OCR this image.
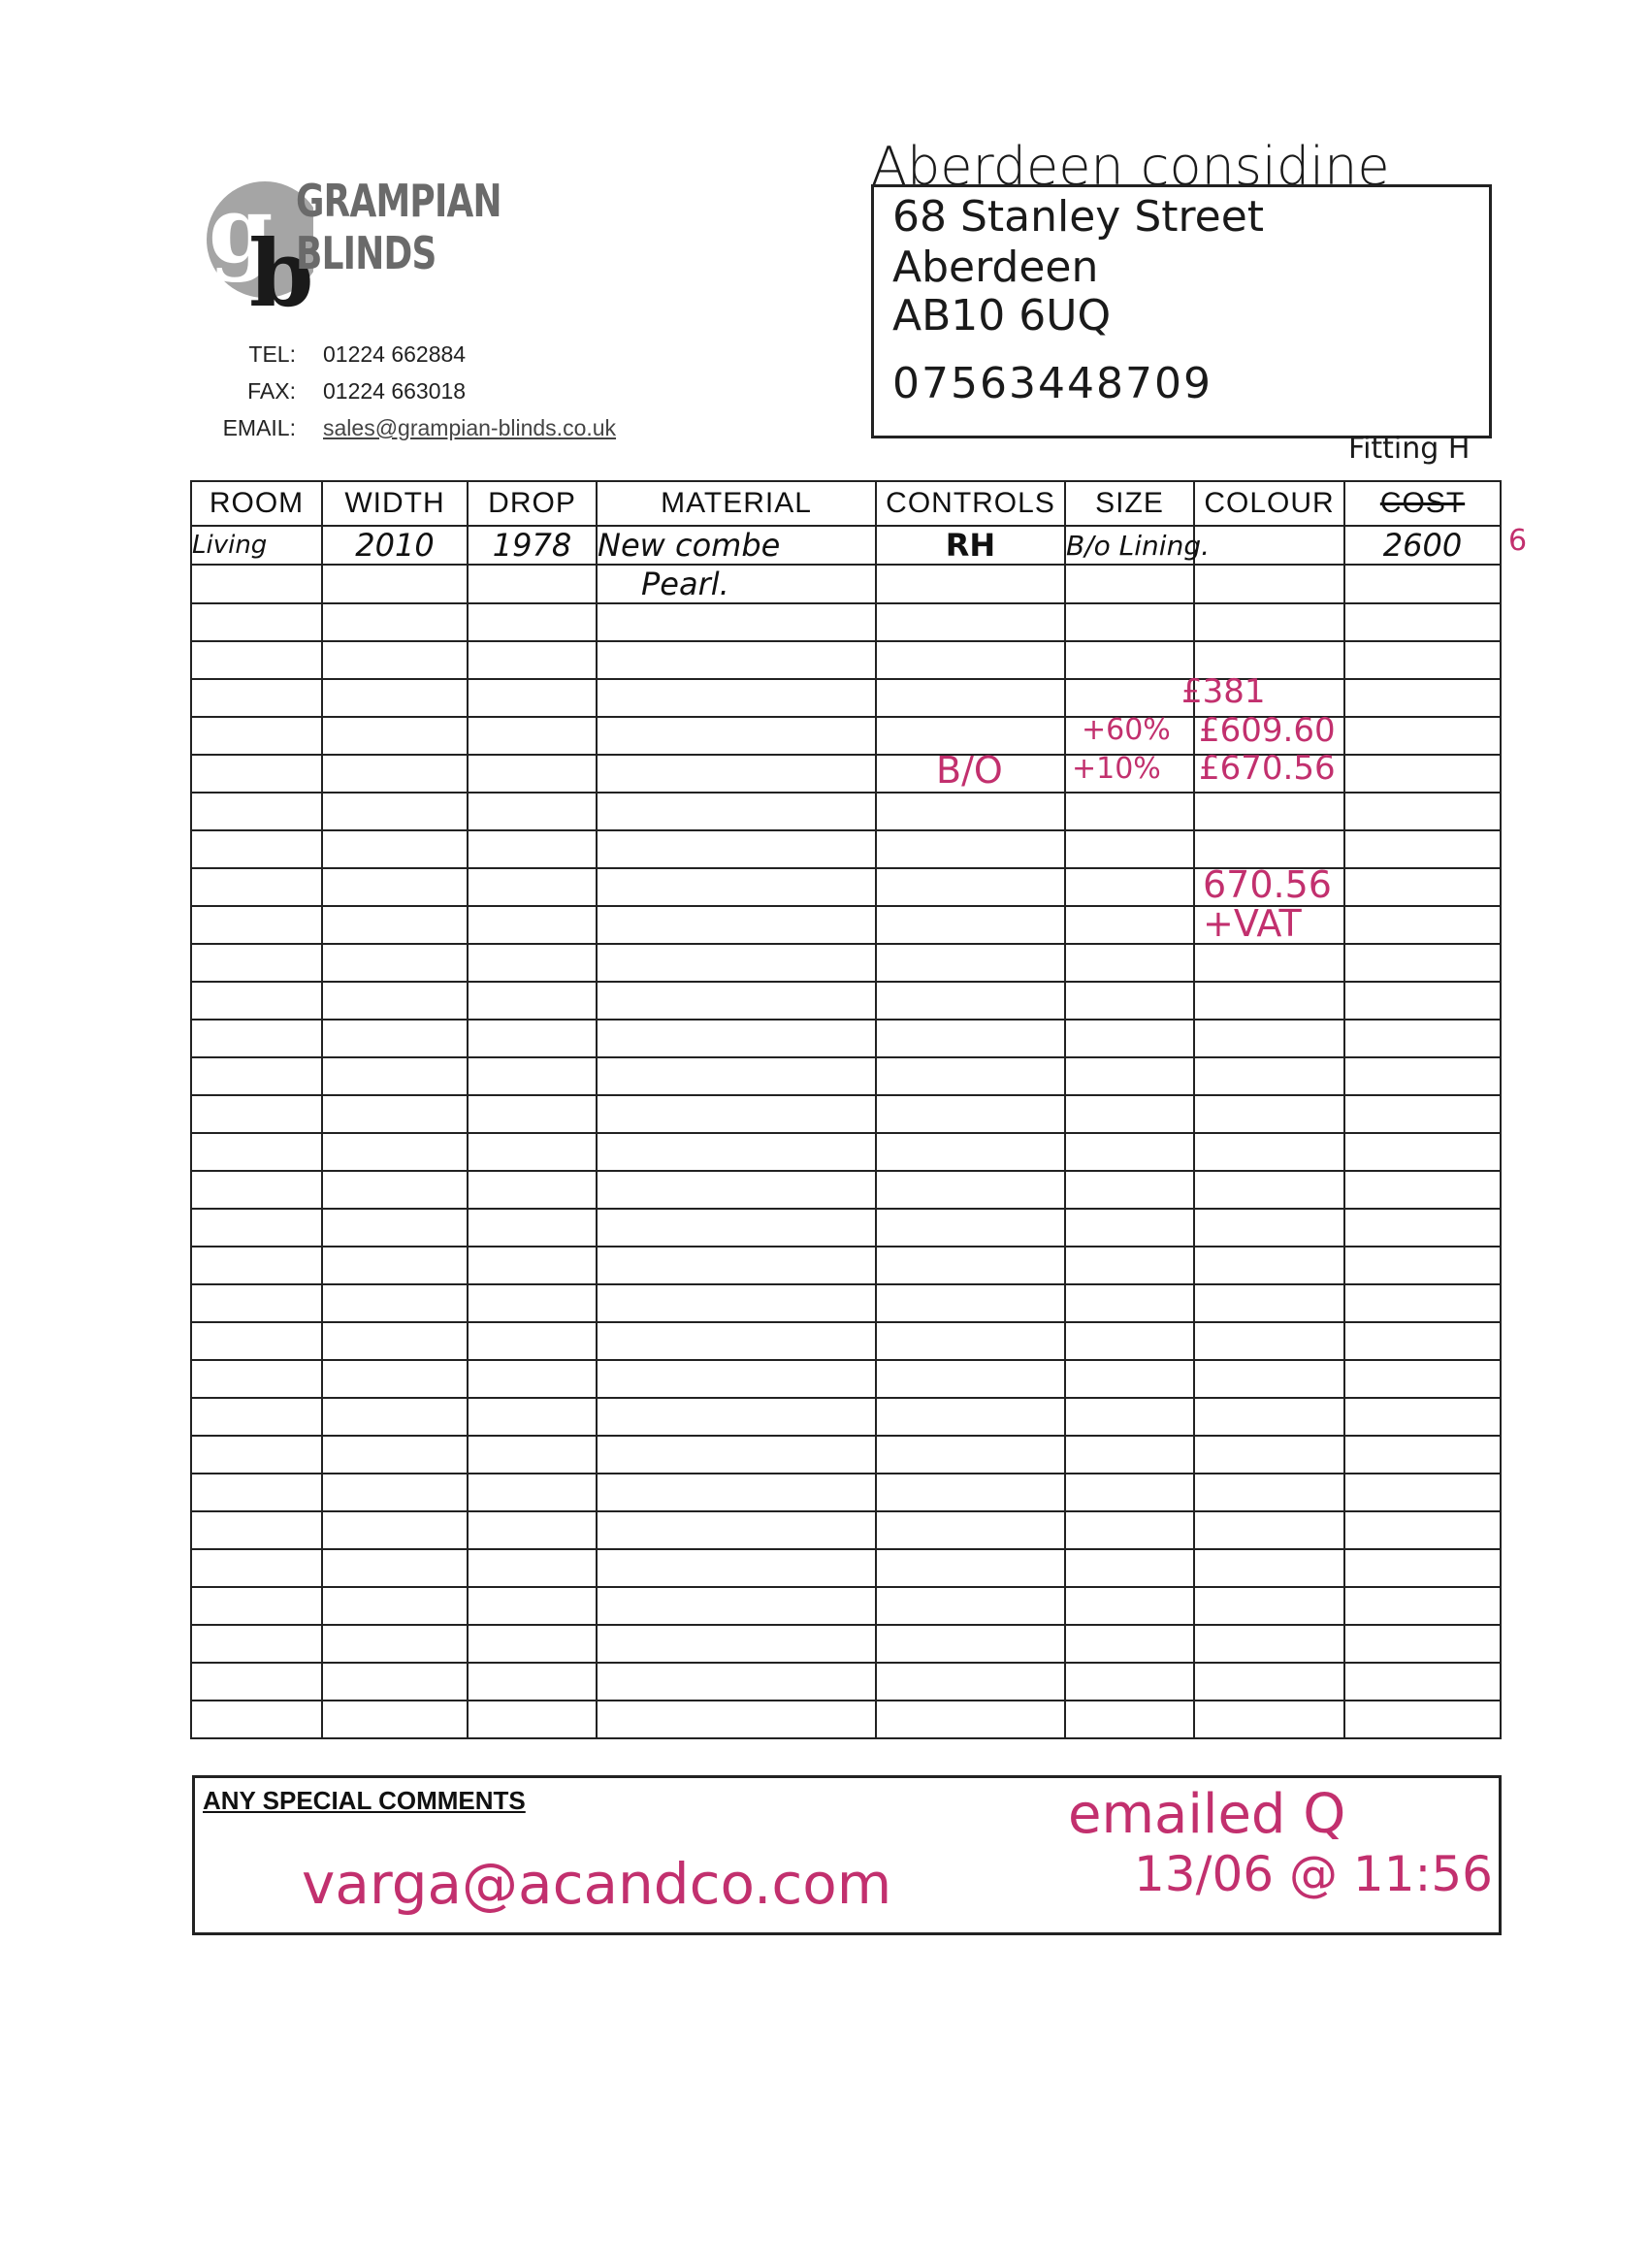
g
b
GRAMPIAN
BLINDS
TEL: 01224 662884
FAX: 01224 663018
EMAIL: sales@grampian-blinds.co.uk
Aberdeen considine
68 Stanley Street
Aberdeen
AB10 6UQ
07563448709
Fitting H
ROOM	WIDTH	DROP	MATERIAL	CONTROLS	SIZE	COLOUR	COST
Living	2010	1978	New combe	RH	B/o Lining.		2600
			Pearl.				

6
£381
+60% £609.60
B/O +10% £670.56
670.56
+VAT
ANY SPECIAL COMMENTS
varga@acandco.com
emailed Q
13/06 @ 11:56
